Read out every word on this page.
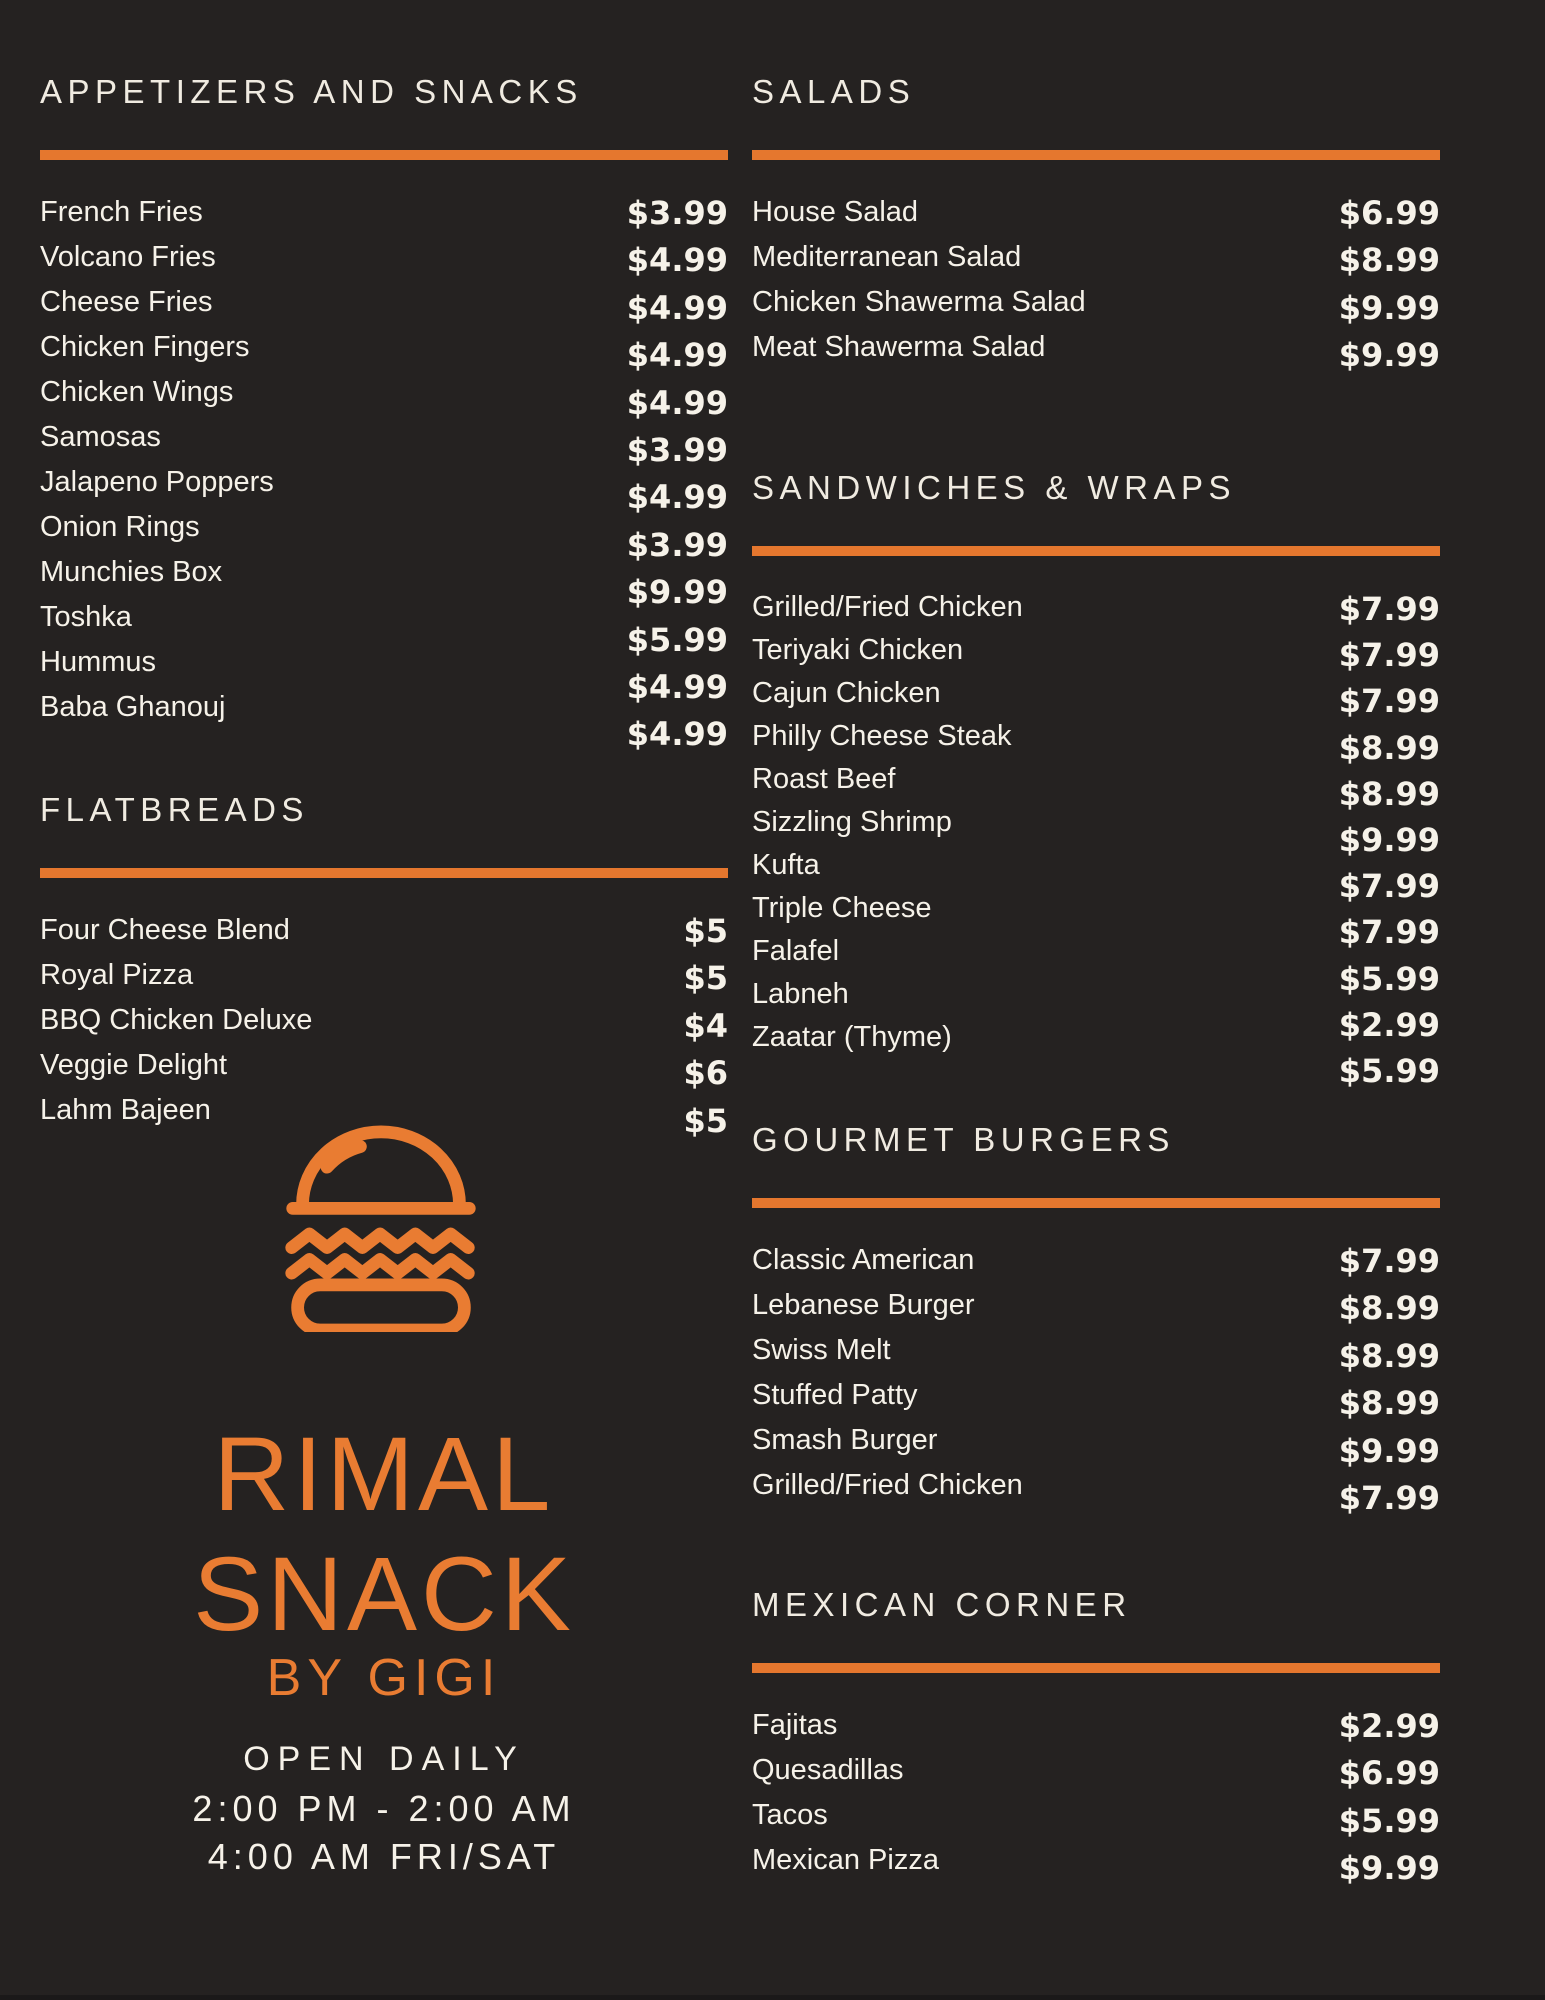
APPETIZERS AND SNACKS
French Fries
Volcano Fries
Cheese Fries
Chicken Fingers
Chicken Wings
Samosas
Jalapeno Poppers
Onion Rings
Munchies Box
Toshka
Hummus
Baba Ghanouj
$3.99
$4.99
$4.99
$4.99
$4.99
$3.99
$4.99
$3.99
$9.99
$5.99
$4.99
$4.99
FLATBREADS
Four Cheese Blend
Royal Pizza
BBQ Chicken Deluxe
Veggie Delight
Lahm Bajeen
$5
$5
$4
$6
$5
SALADS
House Salad
Mediterranean Salad
Chicken Shawerma Salad
Meat Shawerma Salad
$6.99
$8.99
$9.99
$9.99
SANDWICHES & WRAPS
Grilled/Fried Chicken
Teriyaki Chicken
Cajun Chicken
Philly Cheese Steak
Roast Beef
Sizzling Shrimp
Kufta
Triple Cheese
Falafel
Labneh
Zaatar (Thyme)
$7.99
$7.99
$7.99
$8.99
$8.99
$9.99
$7.99
$7.99
$5.99
$2.99
$5.99
GOURMET BURGERS
Classic American
Lebanese Burger
Swiss Melt
Stuffed Patty
Smash Burger
Grilled/Fried Chicken
$7.99
$8.99
$8.99
$8.99
$9.99
$7.99
MEXICAN CORNER
Fajitas
Quesadillas
Tacos
Mexican Pizza
$2.99
$6.99
$5.99
$9.99
RIMAL
SNACK
BY GIGI
OPEN DAILY
2:00 PM - 2:00 AM
4:00 AM FRI/SAT
